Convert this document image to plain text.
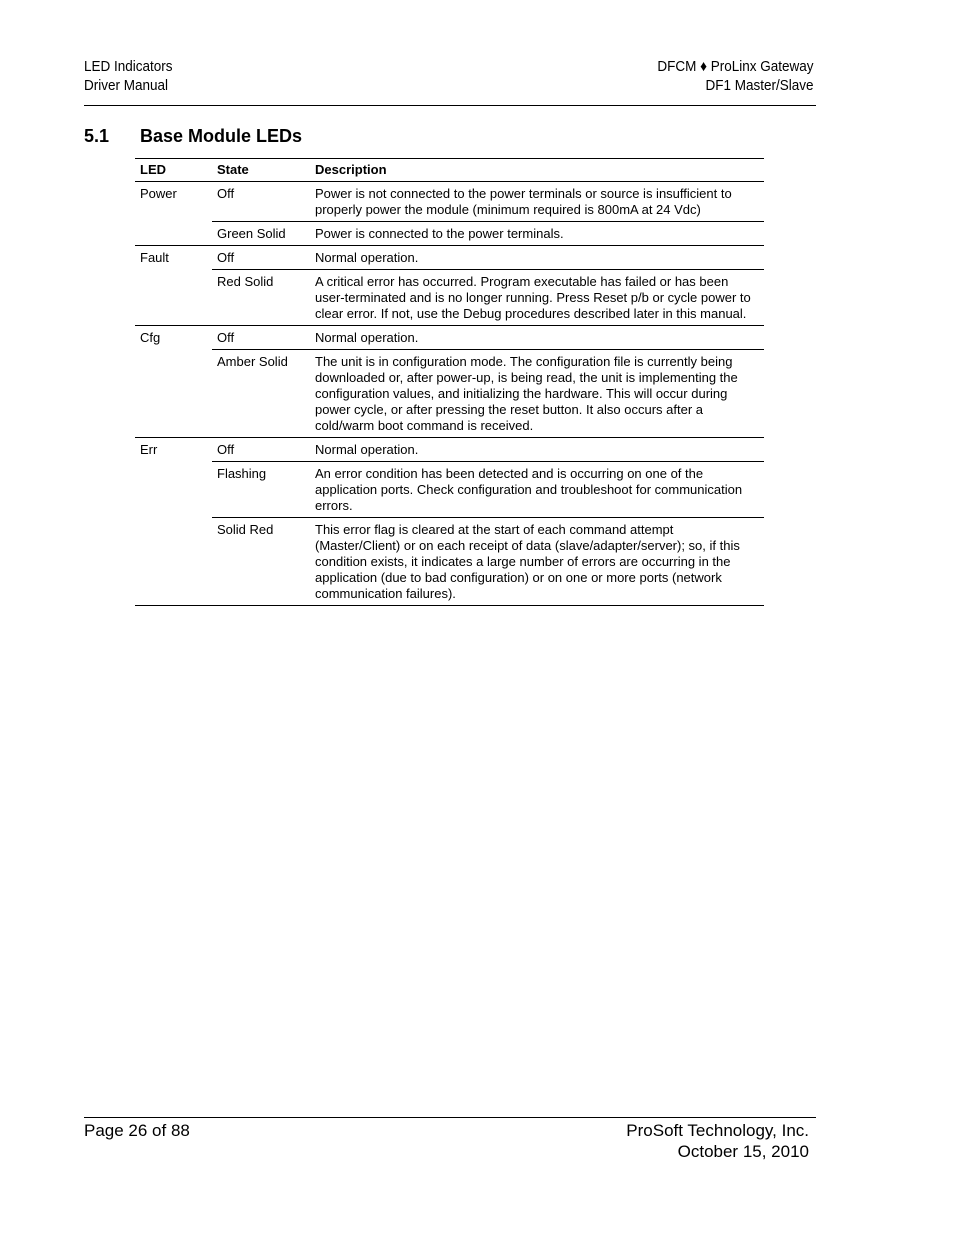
LED Indicators
Driver Manual
DFCM ♦ ProLinx Gateway
DF1 Master/Slave
5.1 Base Module LEDs
LED	State	Description
Power	Off	Power is not connected to the power terminals or source is insufficient to properly power the module (minimum required is 800mA at 24 Vdc)
	Green Solid	Power is connected to the power terminals.
Fault	Off	Normal operation.
	Red Solid	A critical error has occurred. Program executable has failed or has been user-terminated and is no longer running. Press Reset p/b or cycle power to clear error. If not, use the Debug procedures described later in this manual.
Cfg	Off	Normal operation.
	Amber Solid	The unit is in configuration mode. The configuration file is currently being downloaded or, after power-up, is being read, the unit is implementing the configuration values, and initializing the hardware. This will occur during power cycle, or after pressing the reset button. It also occurs after a cold/warm boot command is received.
Err	Off	Normal operation.
	Flashing	An error condition has been detected and is occurring on one of the application ports. Check configuration and troubleshoot for communication errors.
	Solid Red	This error flag is cleared at the start of each command attempt (Master/Client) or on each receipt of data (slave/adapter/server); so, if this condition exists, it indicates a large number of errors are occurring in the application (due to bad configuration) or on one or more ports (network communication failures).
Page 26 of 88	ProSoft Technology, Inc.
October 15, 2010
